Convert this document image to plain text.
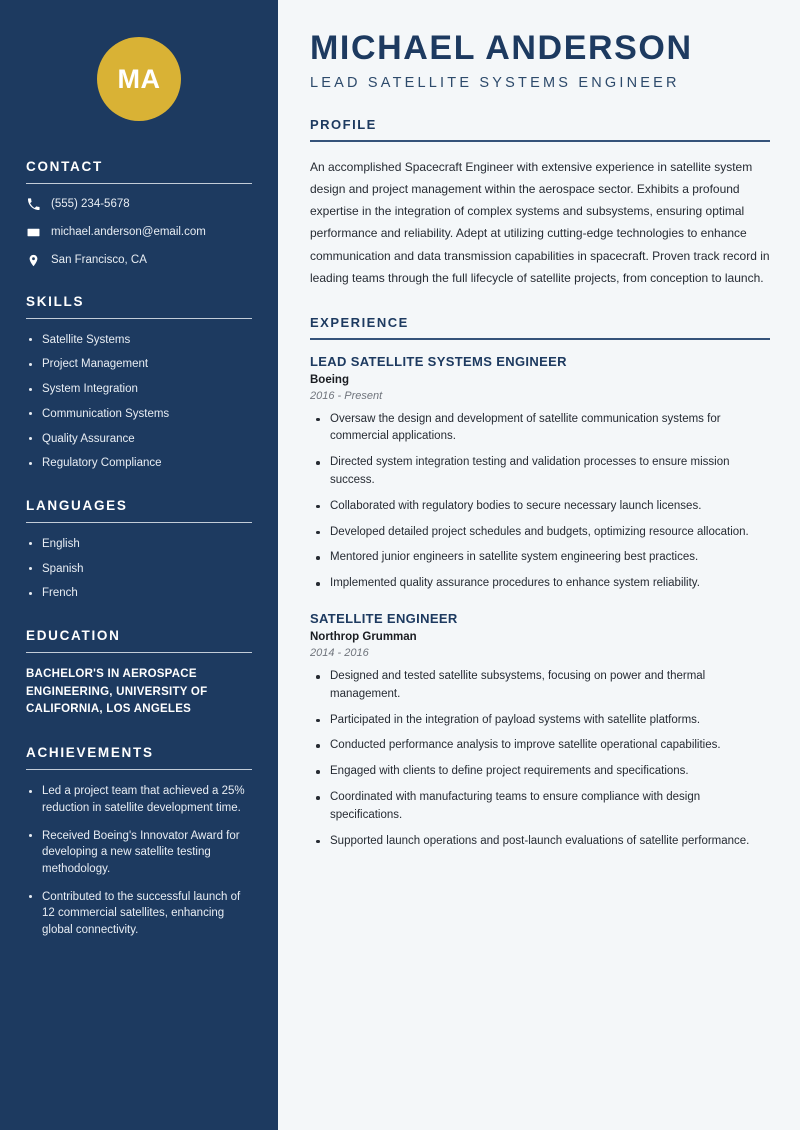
MA
CONTACT
(555) 234-5678
michael.anderson@email.com
San Francisco, CA
SKILLS
Satellite Systems
Project Management
System Integration
Communication Systems
Quality Assurance
Regulatory Compliance
LANGUAGES
English
Spanish
French
EDUCATION
BACHELOR'S IN AEROSPACE ENGINEERING, UNIVERSITY OF CALIFORNIA, LOS ANGELES
ACHIEVEMENTS
Led a project team that achieved a 25% reduction in satellite development time.
Received Boeing's Innovator Award for developing a new satellite testing methodology.
Contributed to the successful launch of 12 commercial satellites, enhancing global connectivity.
MICHAEL ANDERSON
LEAD SATELLITE SYSTEMS ENGINEER
PROFILE

An accomplished Spacecraft Engineer with extensive experience in satellite system design and project management within the aerospace sector. Exhibits a profound expertise in the integration of complex systems and subsystems, ensuring optimal performance and reliability. Adept at utilizing cutting-edge technologies to enhance communication and data transmission capabilities in spacecraft. Proven track record in leading teams through the full lifecycle of satellite projects, from conception to launch.

EXPERIENCE
LEAD SATELLITE SYSTEMS ENGINEER
Boeing
2016 - Present
Oversaw the design and development of satellite communication systems for commercial applications.
Directed system integration testing and validation processes to ensure mission success.
Collaborated with regulatory bodies to secure necessary launch licenses.
Developed detailed project schedules and budgets, optimizing resource allocation.
Mentored junior engineers in satellite system engineering best practices.
Implemented quality assurance procedures to enhance system reliability.
SATELLITE ENGINEER
Northrop Grumman
2014 - 2016
Designed and tested satellite subsystems, focusing on power and thermal management.
Participated in the integration of payload systems with satellite platforms.
Conducted performance analysis to improve satellite operational capabilities.
Engaged with clients to define project requirements and specifications.
Coordinated with manufacturing teams to ensure compliance with design specifications.
Supported launch operations and post-launch evaluations of satellite performance.
